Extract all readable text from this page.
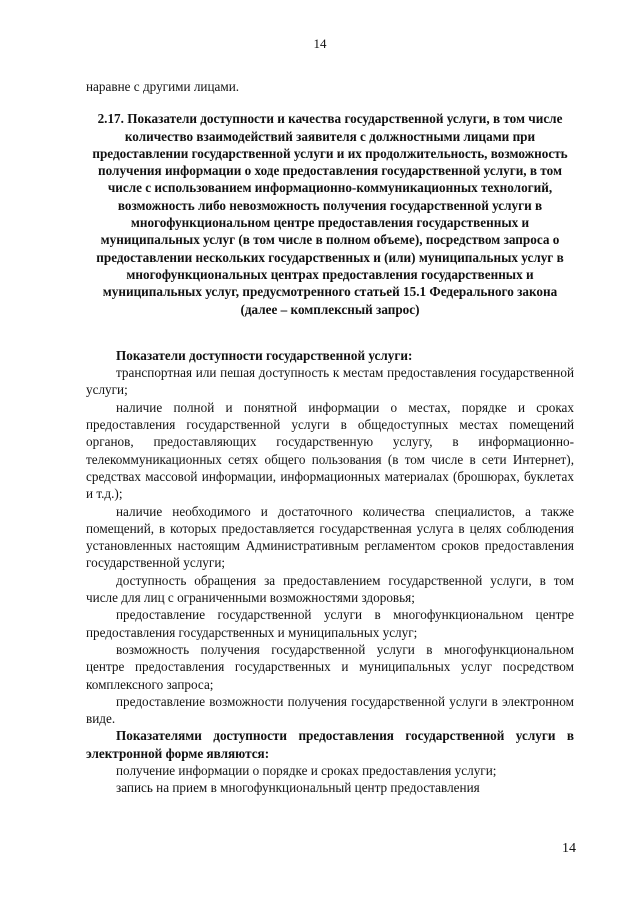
14

наравне с другими лицами.

2.17. Показатели доступности и качества государственной услуги, в том числе количество взаимодействий заявителя с должностными лицами при предоставлении государственной услуги и их продолжительность, возможность получения информации о ходе предоставления государственной услуги, в том числе с использованием информационно-коммуникационных технологий, возможность либо невозможность получения государственной услуги в многофункциональном центре предоставления государственных и муниципальных услуг (в том числе в полном объеме), посредством запроса о предоставлении нескольких государственных и (или) муниципальных услуг в многофункциональных центрах предоставления государственных и муниципальных услуг, предусмотренного статьей 15.1 Федерального закона (далее – комплексный запрос)

Показатели доступности государственной услуги:

транспортная или пешая доступность к местам предоставления государственной услуги;

наличие полной и понятной информации о местах, порядке и сроках предоставления государственной услуги в общедоступных местах помещений органов, предоставляющих государственную услугу, в информационно-телекоммуникационных сетях общего пользования (в том числе в сети Интернет), средствах массовой информации, информационных материалах (брошюрах, буклетах и т.д.);

наличие необходимого и достаточного количества специалистов, а также помещений, в которых предоставляется государственная услуга в целях соблюдения установленных настоящим Административным регламентом сроков предоставления государственной услуги;

доступность обращения за предоставлением государственной услуги, в том числе для лиц с ограниченными возможностями здоровья;

предоставление государственной услуги в многофункциональном центре предоставления государственных и муниципальных услуг;

возможность получения государственной услуги в многофункциональном центре предоставления государственных и муниципальных услуг посредством комплексного запроса;

предоставление возможности получения государственной услуги в электронном виде.

Показателями доступности предоставления государственной услуги в электронной форме являются:

получение информации о порядке и сроках предоставления услуги;

запись на прием в многофункциональный центр предоставления

14
